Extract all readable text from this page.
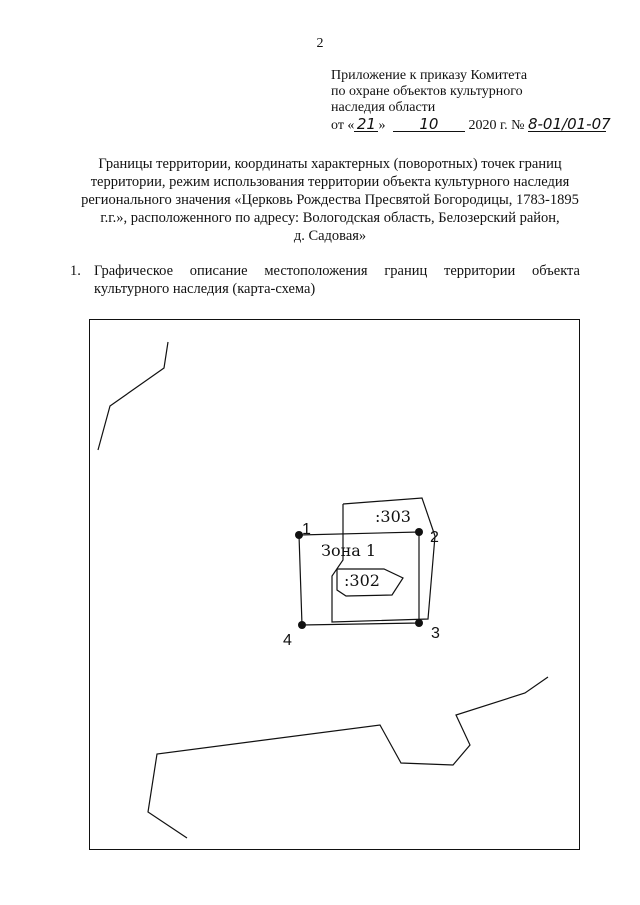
2
Приложение к приказу Комитета
по охране объектов культурного
наследия области
от « 21 » 10 2020 г. № 8-01/01-07
Границы территории, координаты характерных (поворотных) точек границ
территории, режим использования территории объекта культурного наследия
регионального значения «Церковь Рождества Пресвятой Богородицы, 1783-1895
г.г.», расположенного по адресу: Вологодская область, Белозерский район,
д. Садовая»
1. Графическое описание местоположения границ территории объекта культурного наследия (карта-схема)
:303
Зона 1
:302
1	2
3
4
